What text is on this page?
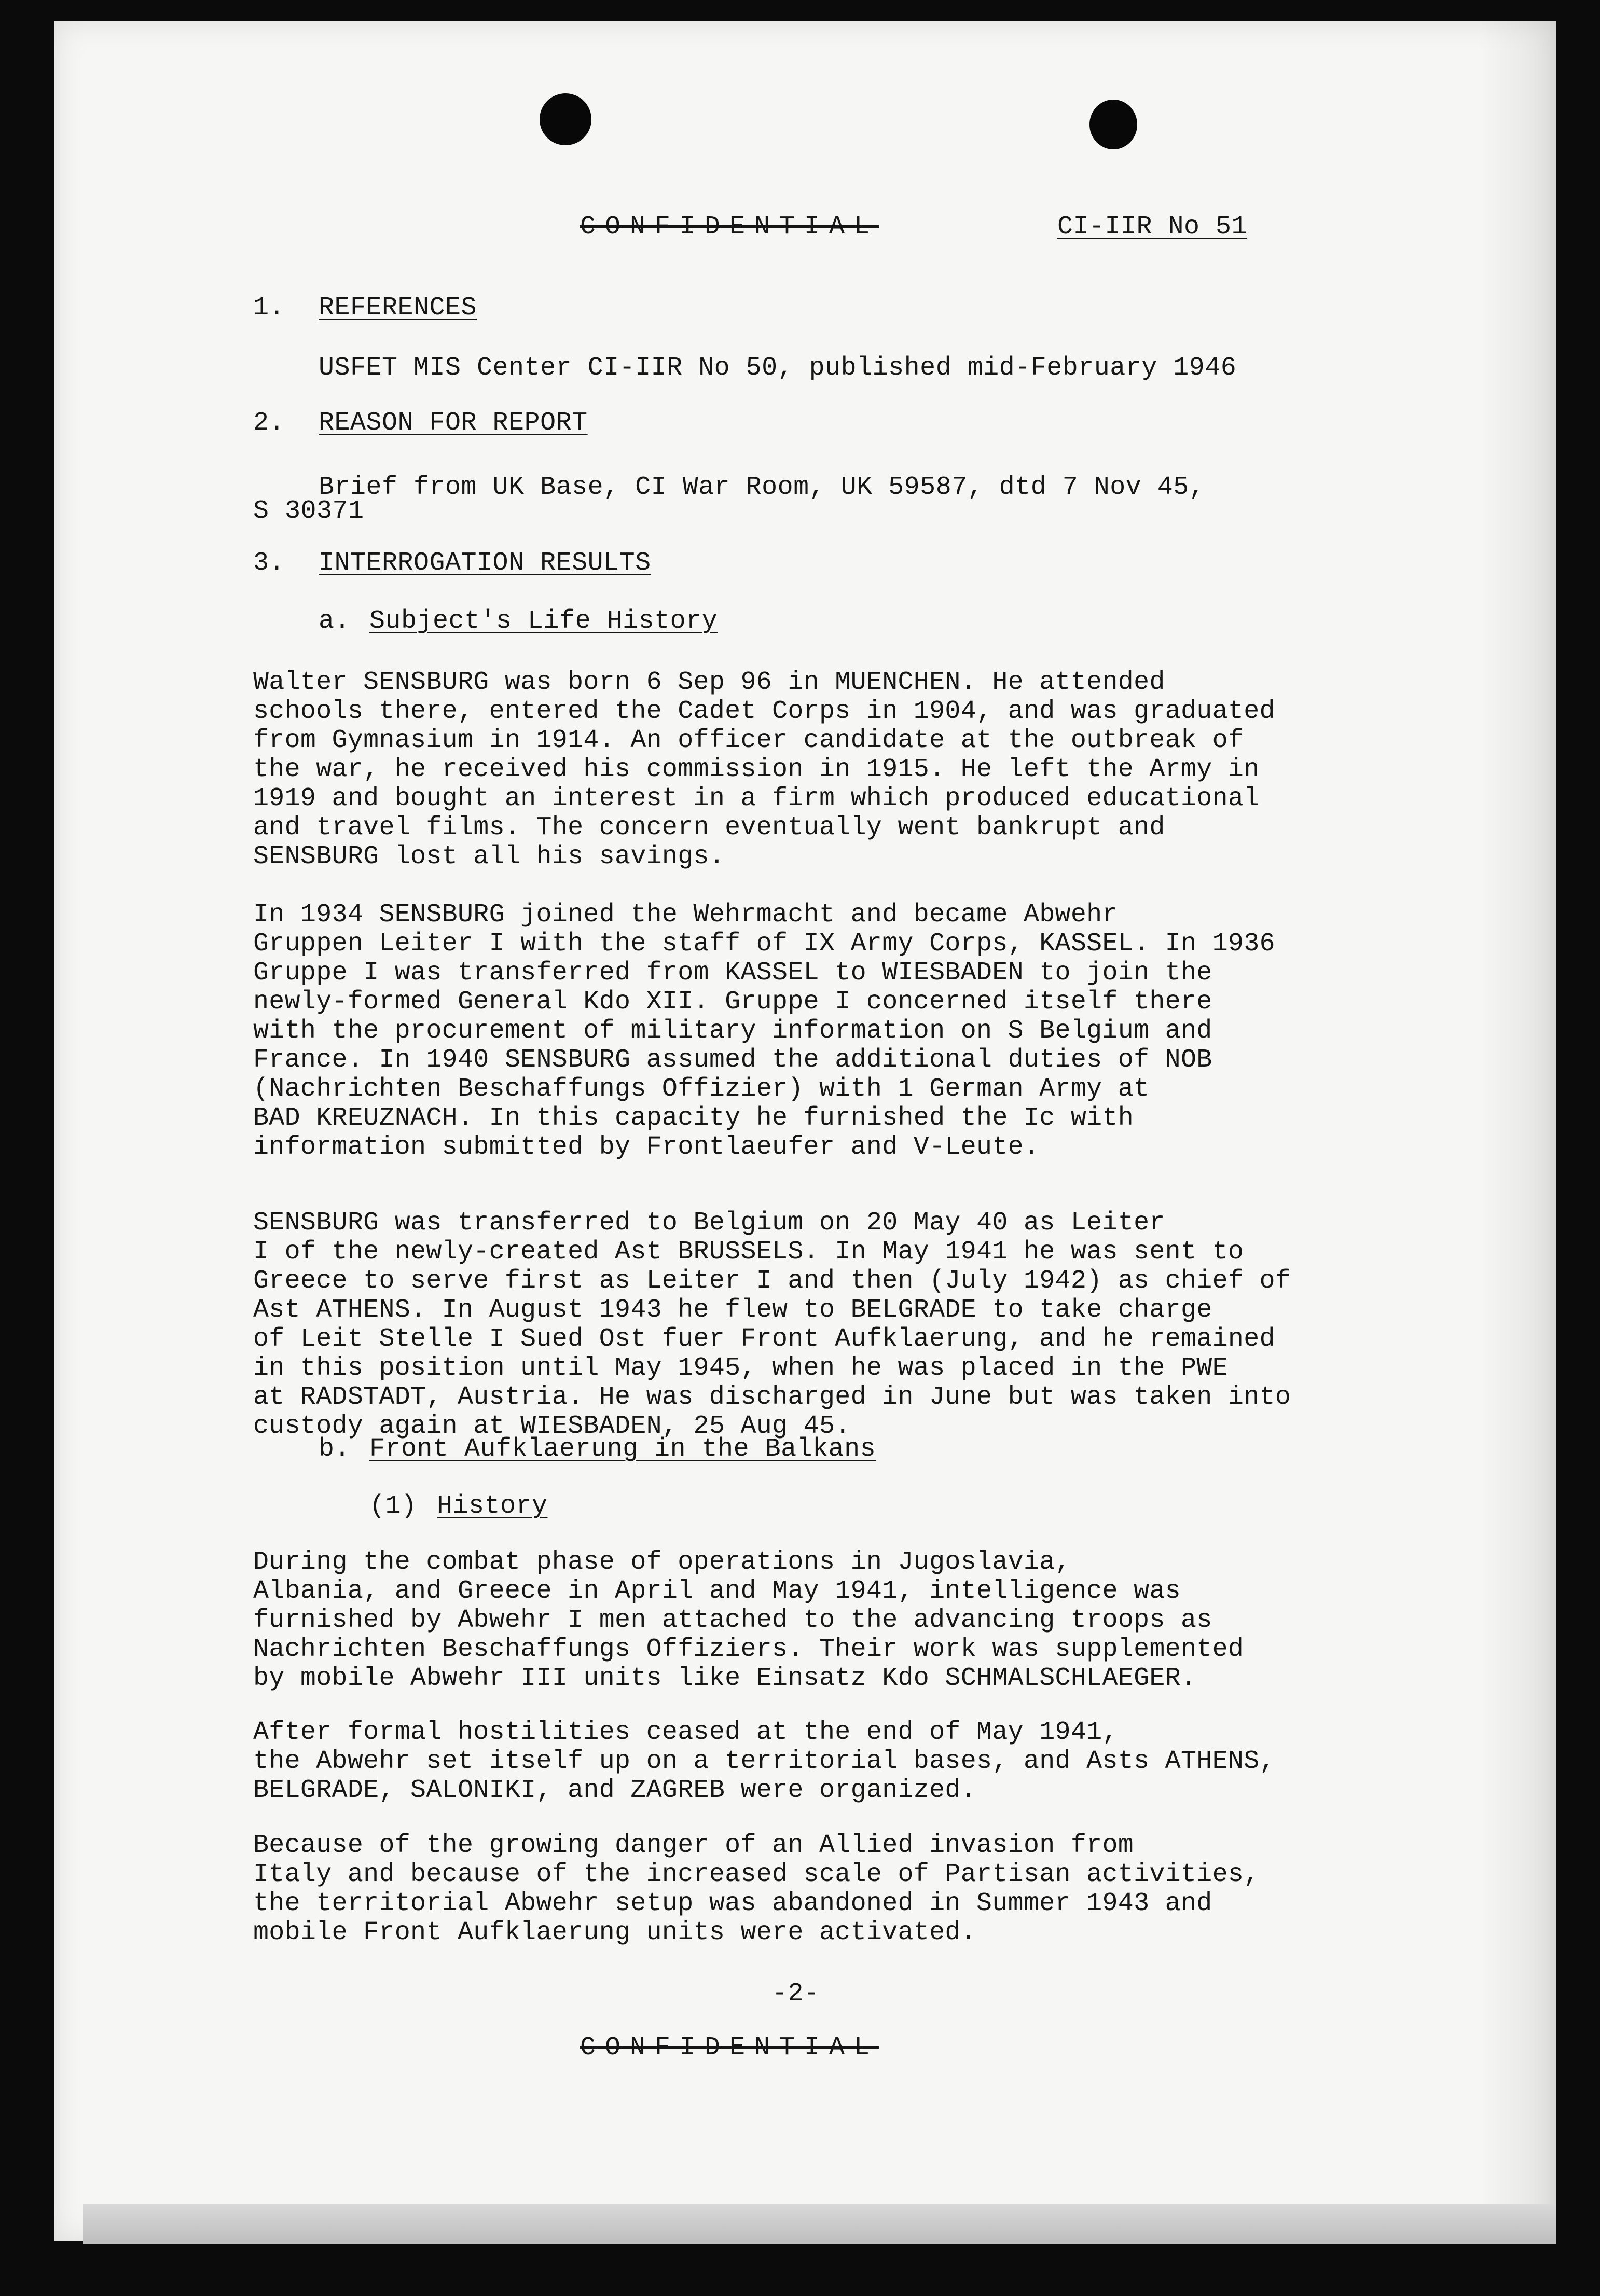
CONFIDENTIAL	CI-IIR No 51
1. REFERENCES
USFET MIS Center CI-IIR No 50, published mid-February 1946
2. REASON FOR REPORT
Brief from UK Base, CI War Room, UK 59587, dtd 7 Nov 45,
S 30371
3. INTERROGATION RESULTS
a. Subject's Life History
Walter SENSBURG was born 6 Sep 96 in MUENCHEN. He attended
schools there, entered the Cadet Corps in 1904, and was graduated
from Gymnasium in 1914. An officer candidate at the outbreak of
the war, he received his commission in 1915. He left the Army in
1919 and bought an interest in a firm which produced educational
and travel films. The concern eventually went bankrupt and
SENSBURG lost all his savings.
In 1934 SENSBURG joined the Wehrmacht and became Abwehr
Gruppen Leiter I with the staff of IX Army Corps, KASSEL. In 1936
Gruppe I was transferred from KASSEL to WIESBADEN to join the
newly-formed General Kdo XII. Gruppe I concerned itself there
with the procurement of military information on S Belgium and
France. In 1940 SENSBURG assumed the additional duties of NOB
(Nachrichten Beschaffungs Offizier) with 1 German Army at
BAD KREUZNACH. In this capacity he furnished the Ic with
information submitted by Frontlaeufer and V-Leute.
SENSBURG was transferred to Belgium on 20 May 40 as Leiter
I of the newly-created Ast BRUSSELS. In May 1941 he was sent to
Greece to serve first as Leiter I and then (July 1942) as chief of
Ast ATHENS. In August 1943 he flew to BELGRADE to take charge
of Leit Stelle I Sued Ost fuer Front Aufklaerung, and he remained
in this position until May 1945, when he was placed in the PWE
at RADSTADT, Austria. He was discharged in June but was taken into
custody again at WIESBADEN, 25 Aug 45.
b. Front Aufklaerung in the Balkans
(1) History
During the combat phase of operations in Jugoslavia,
Albania, and Greece in April and May 1941, intelligence was
furnished by Abwehr I men attached to the advancing troops as
Nachrichten Beschaffungs Offiziers. Their work was supplemented
by mobile Abwehr III units like Einsatz Kdo SCHMALSCHLAEGER.
After formal hostilities ceased at the end of May 1941,
the Abwehr set itself up on a territorial bases, and Asts ATHENS,
BELGRADE, SALONIKI, and ZAGREB were organized.
Because of the growing danger of an Allied invasion from
Italy and because of the increased scale of Partisan activities,
the territorial Abwehr setup was abandoned in Summer 1943 and
mobile Front Aufklaerung units were activated.
-2-
CONFIDENTIAL
